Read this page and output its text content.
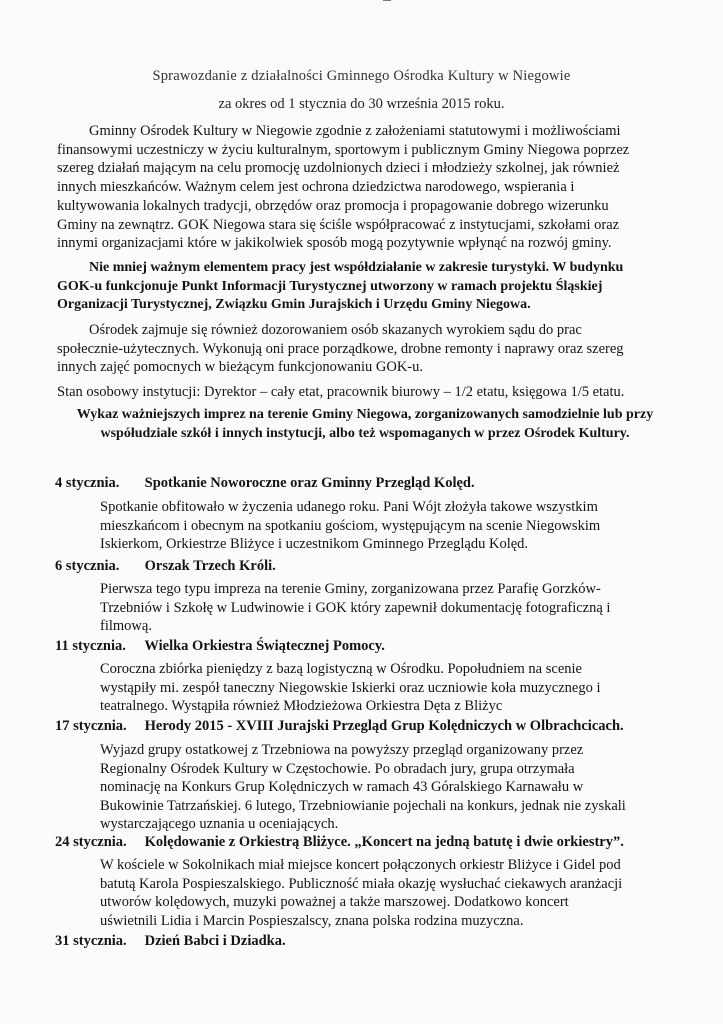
Sprawozdanie z działalności Gminnego Ośrodka Kultury w Niegowie
za okres od 1 stycznia do 30 września 2015 roku.

Gminny Ośrodek Kultury w Niegowie zgodnie z założeniami statutowymi i możliwościami finansowymi uczestniczy w życiu kulturalnym, sportowym i publicznym Gminy Niegowa poprzez szereg działań mającym na celu promocję uzdolnionych dzieci i młodzieży szkolnej, jak również innych mieszkańców. Ważnym celem jest ochrona dziedzictwa narodowego, wspierania i kultywowania lokalnych tradycji, obrzędów oraz promocja i propagowanie dobrego wizerunku Gminy na zewnątrz. GOK Niegowa stara się ściśle współpracować z instytucjami, szkołami oraz innymi organizacjami które w jakikolwiek sposób mogą pozytywnie wpłynąć na rozwój gminy.

Nie mniej ważnym elementem pracy jest współdziałanie w zakresie turystyki. W budynku GOK-u funkcjonuje Punkt Informacji Turystycznej utworzony w ramach projektu Śląskiej Organizacji Turystycznej, Związku Gmin Jurajskich i Urzędu Gminy Niegowa.

Ośrodek zajmuje się również dozorowaniem osób skazanych wyrokiem sądu do prac społecznie-użytecznych. Wykonują oni prace porządkowe, drobne remonty i naprawy oraz szereg innych zajęć pomocnych w bieżącym funkcjonowaniu GOK-u.

Stan osobowy instytucji: Dyrektor – cały etat, pracownik biurowy – 1/2 etatu, księgowa 1/5 etatu.

Wykaz ważniejszych imprez na terenie Gminy Niegowa, zorganizowanych samodzielnie lub przy współudziale szkół i innych instytucji, albo też wspomaganych w przez Ośrodek Kultury.
4 stycznia. Spotkanie Noworoczne oraz Gminny Przegląd Kolęd.
Spotkanie obfitowało w życzenia udanego roku. Pani Wójt złożyła takowe wszystkim mieszkańcom i obecnym na spotkaniu gościom, występującym na scenie Niegowskim Iskierkom, Orkiestrze Bliżyce i uczestnikom Gminnego Przeglądu Kolęd.
6 stycznia. Orszak Trzech Króli.
Pierwsza tego typu impreza na terenie Gminy, zorganizowana przez Parafię Gorzków-Trzebniów i Szkołę w Ludwinowie i GOK który zapewnił dokumentację fotograficzną i filmową.
11 stycznia. Wielka Orkiestra Świątecznej Pomocy.
Coroczna zbiórka pieniędzy z bazą logistyczną w Ośrodku. Popołudniem na scenie wystąpiły mi. zespół taneczny Niegowskie Iskierki oraz uczniowie koła muzycznego i teatralnego. Wystąpiła również Młodzieżowa Orkiestra Dęta z Bliżyc
17 stycznia. Herody 2015 - XVIII Jurajski Przegląd Grup Kolędniczych w Olbrachcicach.
Wyjazd grupy ostatkowej z Trzebniowa na powyższy przegląd organizowany przez Regionalny Ośrodek Kultury w Częstochowie. Po obradach jury, grupa otrzymała nominację na Konkurs Grup Kolędniczych w ramach 43 Góralskiego Karnawału w Bukowinie Tatrzańskiej. 6 lutego, Trzebniowianie pojechali na konkurs, jednak nie zyskali wystarczającego uznania u oceniających.
24 stycznia. Kolędowanie z Orkiestrą Bliżyce. „Koncert na jedną batutę i dwie orkiestry”.
W kościele w Sokolnikach miał miejsce koncert połączonych orkiestr Bliżyce i Gidel pod batutą Karola Pospieszalskiego. Publiczność miała okazję wysłuchać ciekawych aranżacji utworów kolędowych, muzyki poważnej a także marszowej. Dodatkowo koncert uświetnili Lidia i Marcin Pospieszalscy, znana polska rodzina muzyczna.
31 stycznia. Dzień Babci i Dziadka.
